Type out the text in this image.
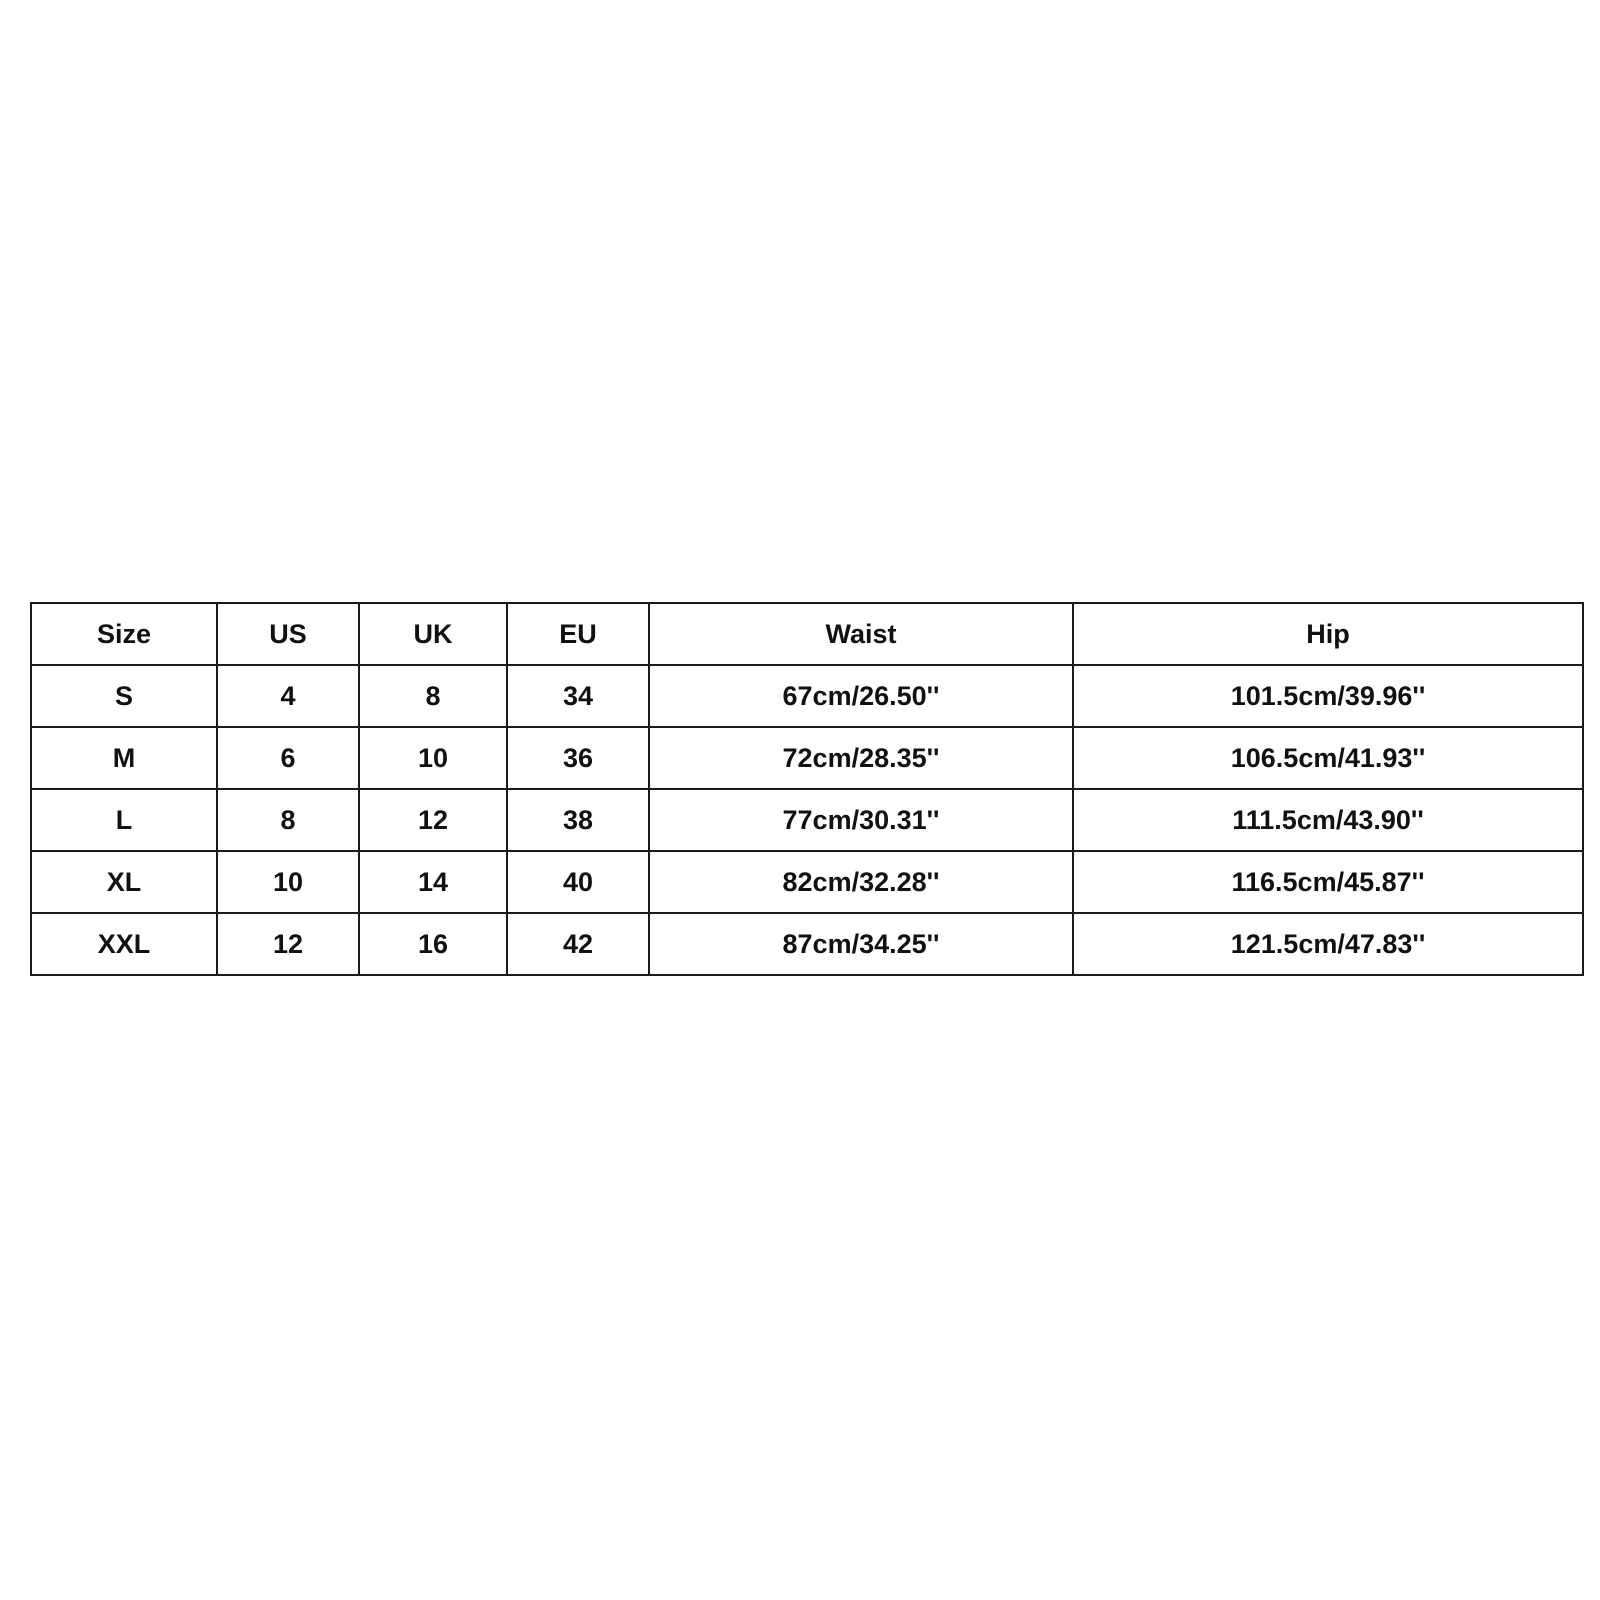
Size	US	UK	EU	Waist	Hip
S	4	8	34	67cm/26.50''	101.5cm/39.96''
M	6	10	36	72cm/28.35''	106.5cm/41.93''
L	8	12	38	77cm/30.31''	111.5cm/43.90''
XL	10	14	40	82cm/32.28''	116.5cm/45.87''
XXL	12	16	42	87cm/34.25''	121.5cm/47.83''
